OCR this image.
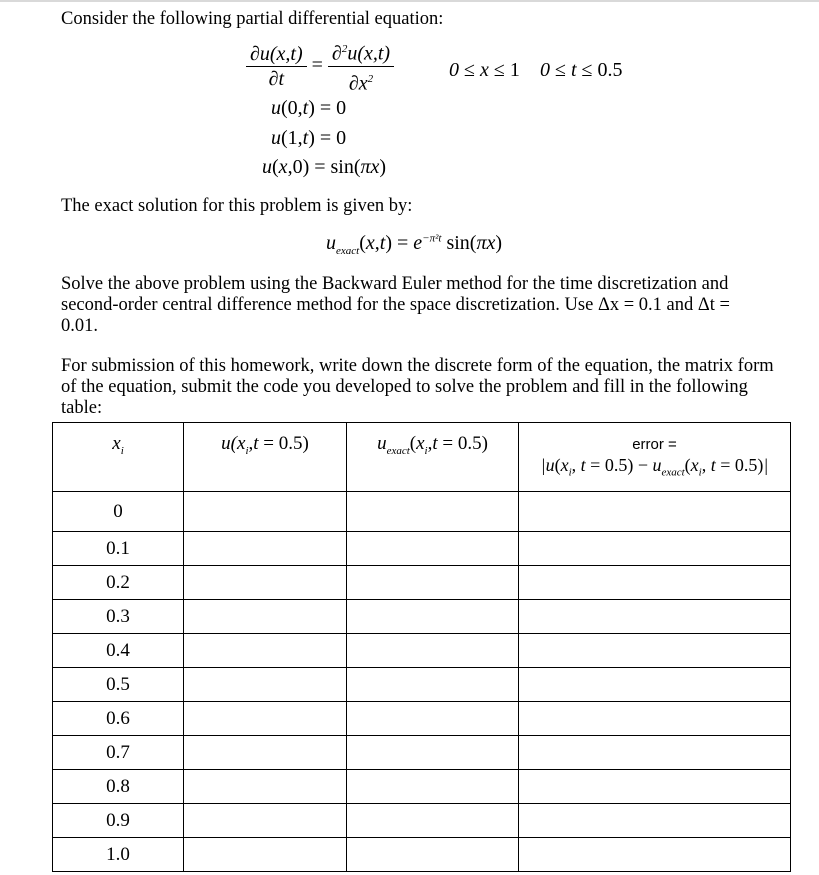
Consider the following partial differential equation:

$\frac{\partial u(x,t)}{\partial t} = \frac{\partial^2u(x,t)}{\partial x^2}$	0 ≤ x ≤ 1 0 ≤ t ≤ 0.5
u(0,t) = 0
u(1,t) = 0
u(x,0) = sin(πx)

The exact solution for this problem is given by:

$u_{exact}(x,t) = e^{-\pi^2t}$ sin(πx)

Solve the above problem using the Backward Euler method for the time discretization and second-order central difference method for the space discretization. Use Δx = 0.1 and Δt = 0.01.

For submission of this homework, write down the discrete form of the equation, the matrix form of the equation, submit the code you developed to solve the problem and fill in the following table:

$x_i$	$u(x_i,t = 0.5)$	$u_{exact}(x_i,t = 0.5)$	error =
$|u(x_i$, $t = 0.5) - u_{exact}(x_i$, t = 0.5)|

0			
0.1			
0.2			
0.3			
0.4			
0.5			
0.6			
0.7			
0.8			
0.9			
1.0			
